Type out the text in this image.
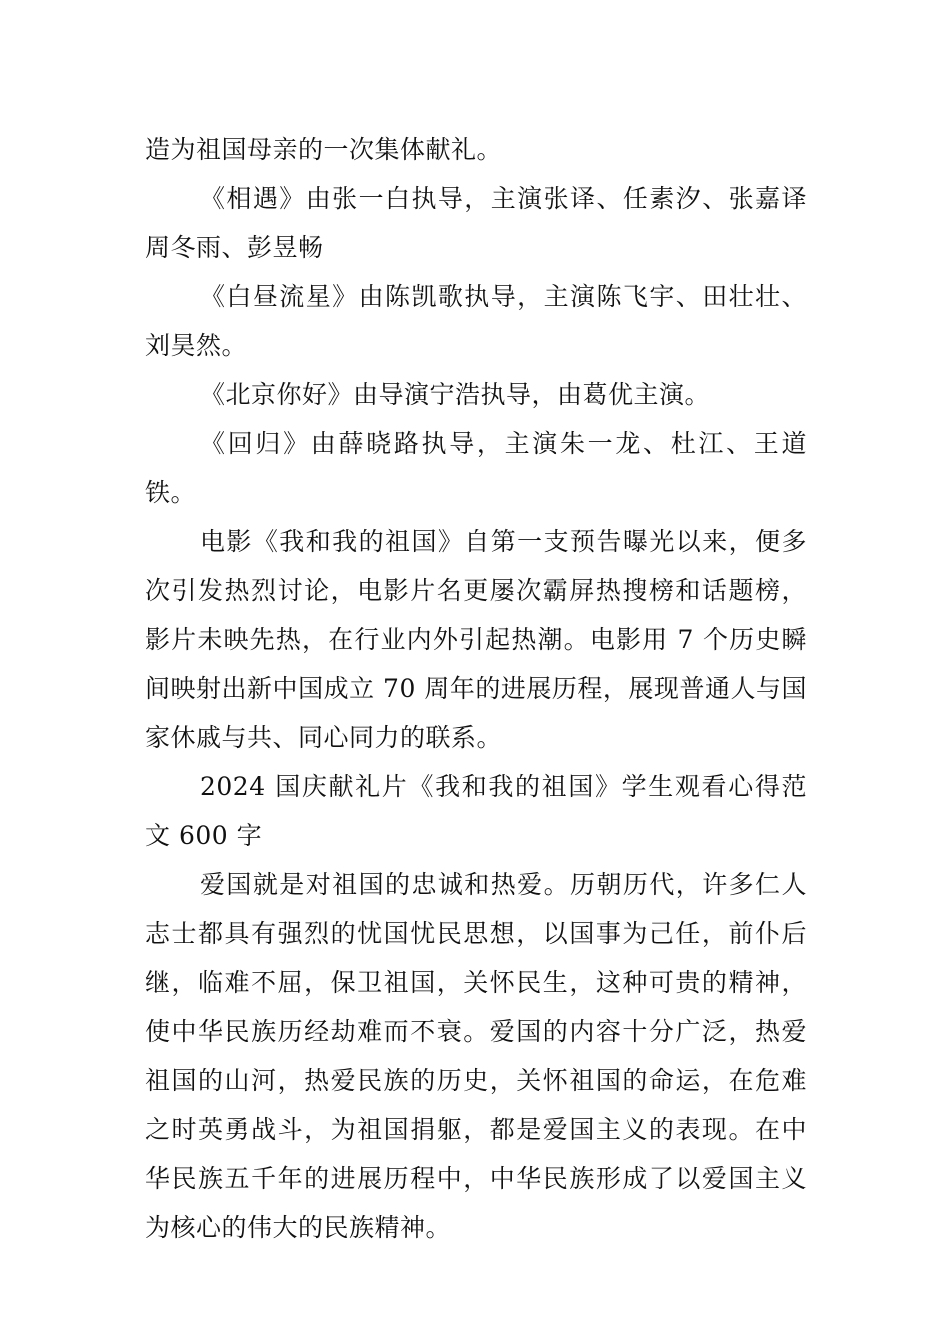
造为祖国母亲的一次集体献礼。

《相遇》由张一白执导，主演张译、任素汐、张嘉译周冬雨、彭昱畅

《白昼流星》由陈凯歌执导，主演陈飞宇、田壮壮、刘昊然。

《北京你好》由导演宁浩执导，由葛优主演。

《回归》由薛晓路执导，主演朱一龙、杜江、王道铁。

电影《我和我的祖国》自第一支预告曝光以来，便多次引发热烈讨论，电影片名更屡次霸屏热搜榜和话题榜，影片未映先热，在行业内外引起热潮。电影用 7 个历史瞬间映射出新中国成立 70 周年的进展历程，展现普通人与国家休戚与共、同心同力的联系。

2024 国庆献礼片《我和我的祖国》学生观看心得范文 600 字

爱国就是对祖国的忠诚和热爱。历朝历代，许多仁人志士都具有强烈的忧国忧民思想，以国事为己任，前仆后继，临难不屈，保卫祖国，关怀民生，这种可贵的精神，使中华民族历经劫难而不衰。爱国的内容十分广泛，热爱祖国的山河，热爱民族的历史，关怀祖国的命运，在危难之时英勇战斗，为祖国捐躯，都是爱国主义的表现。在中华民族五千年的进展历程中，中华民族形成了以爱国主义为核心的伟大的民族精神。
